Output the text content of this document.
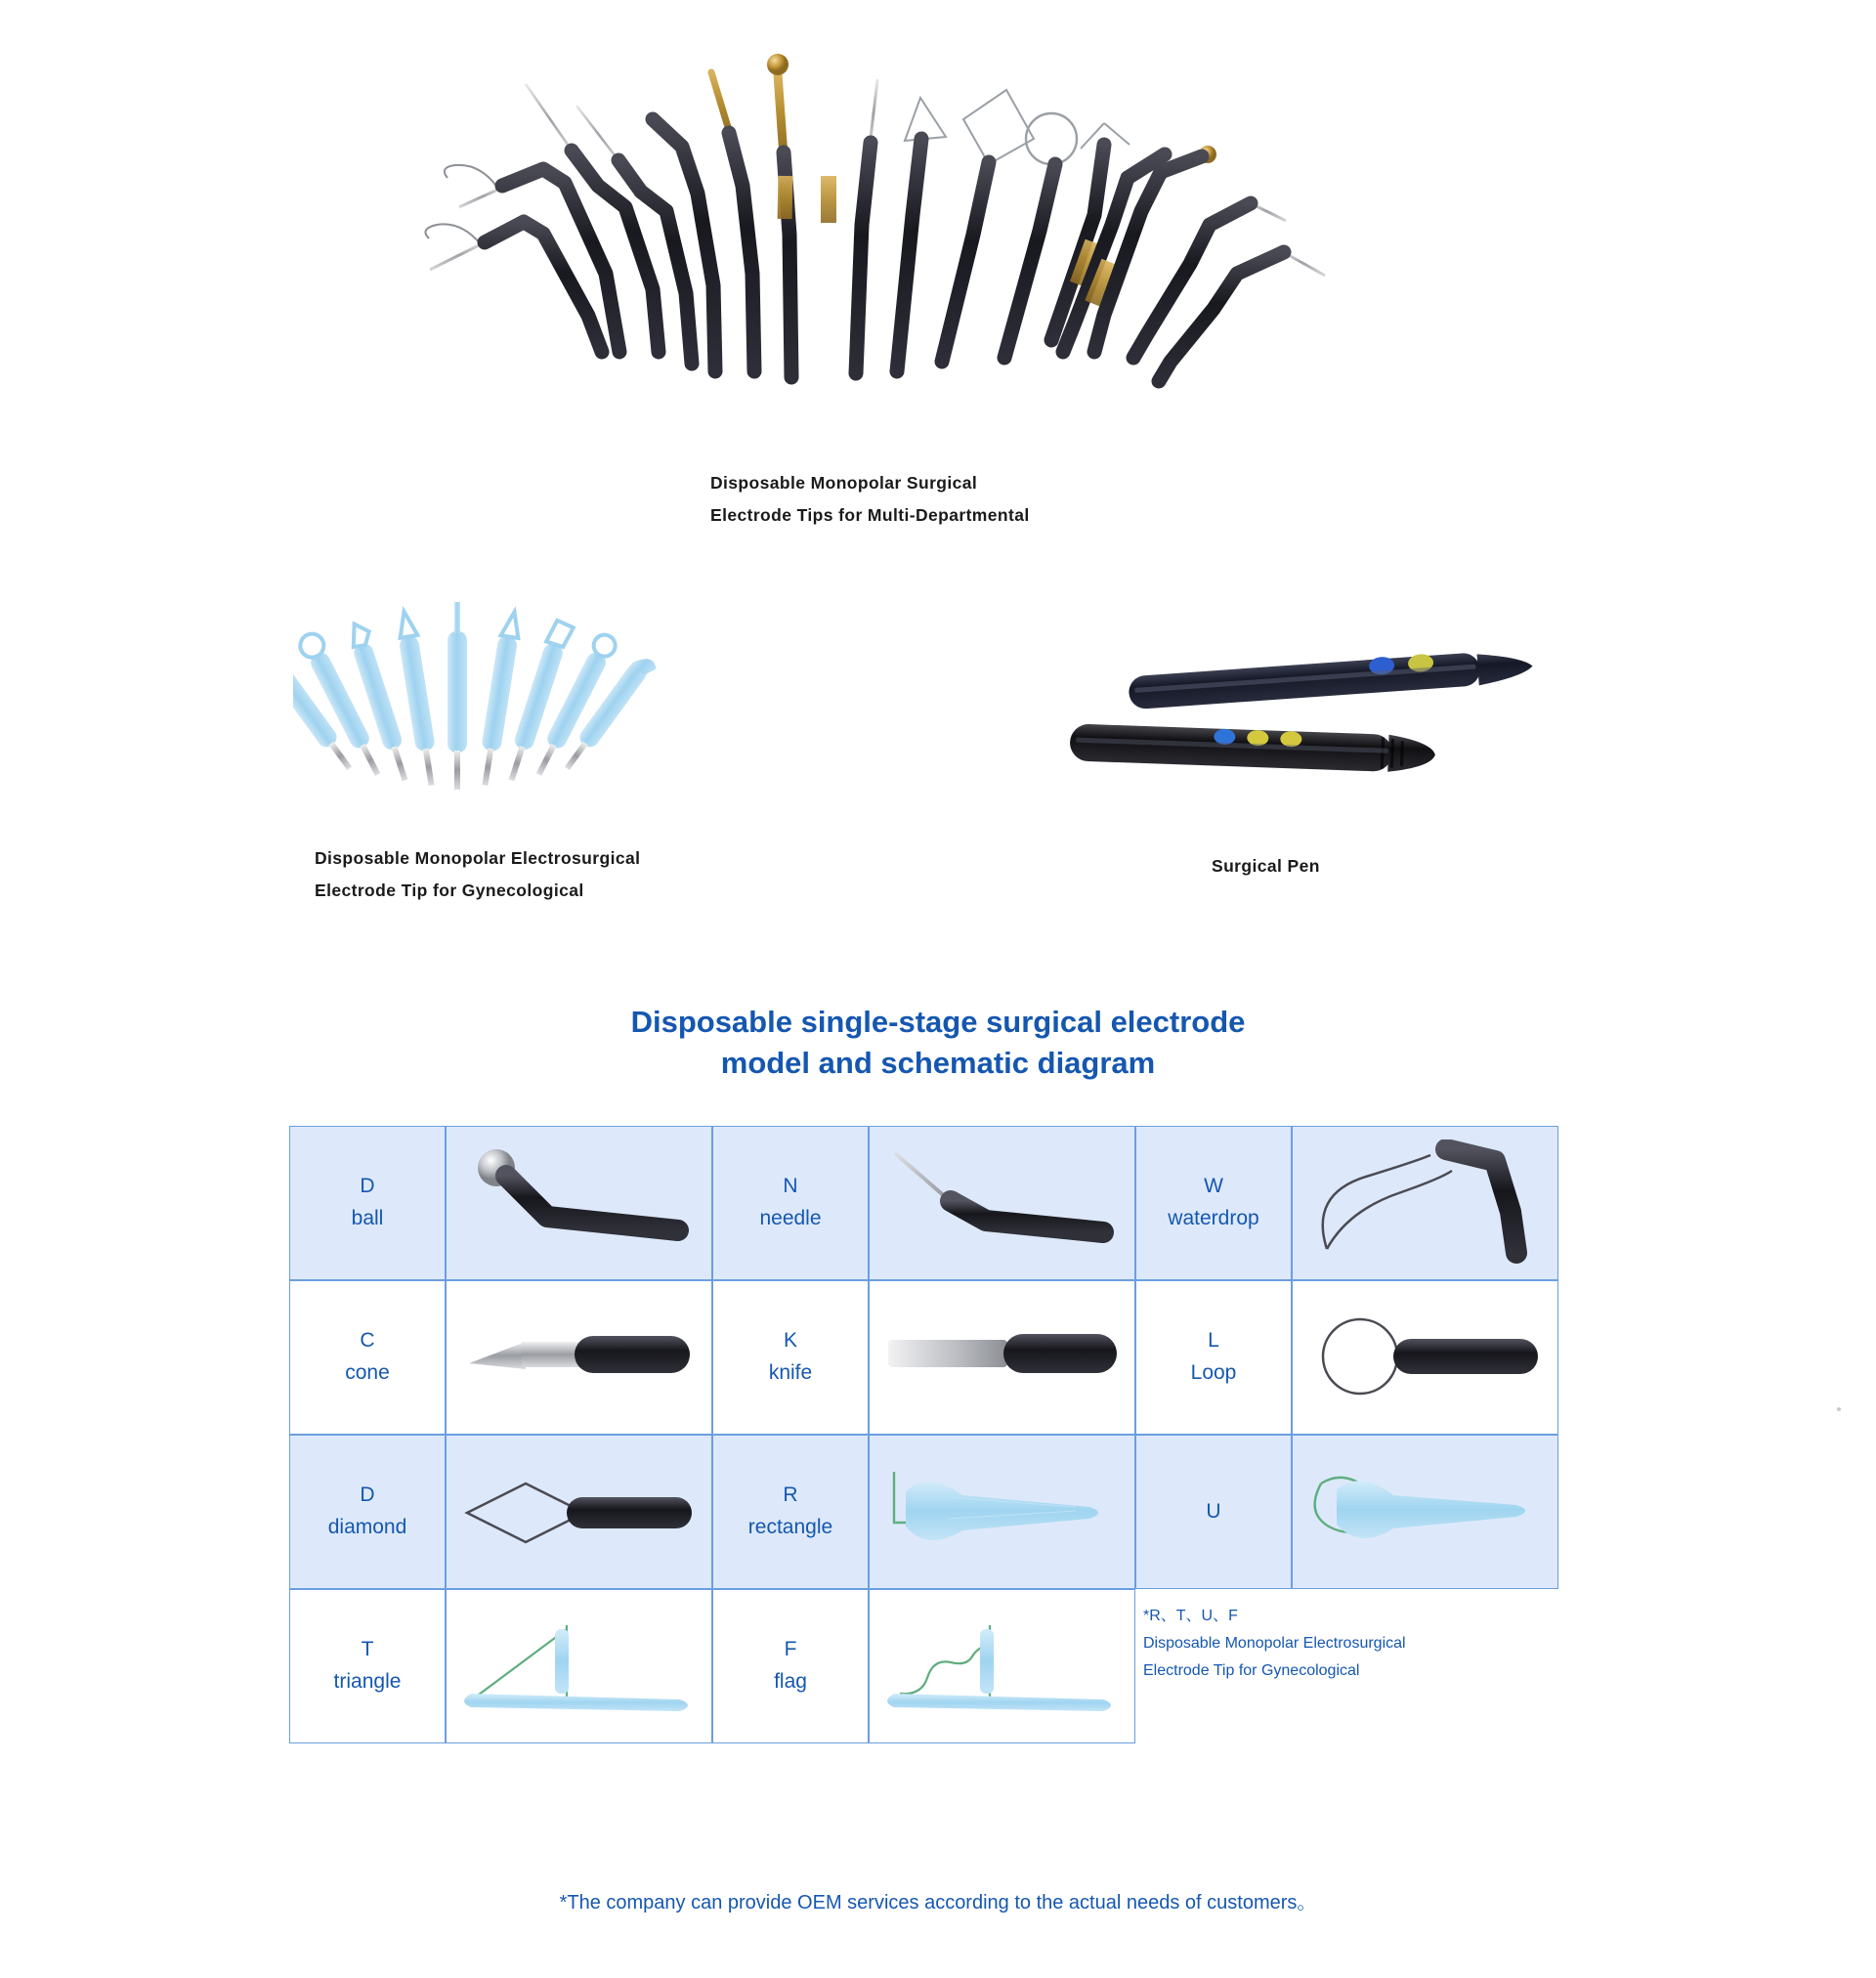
Disposable Monopolar Surgical
Electrode Tips for Multi-Departmental
Disposable Monopolar Electrosurgical
Electrode Tip for Gynecological
Surgical Pen
Disposable single-stage surgical electrode
model and schematic diagram
D
ball
N
needle
W
waterdrop
C
cone
K
knife
L
Loop
D
diamond
R
rectangle
U
T
triangle
F
flag
*R、T、U、F
Disposable Monopolar Electrosurgical
Electrode Tip for Gynecological
*The company can provide OEM services according to the actual needs of customers。
